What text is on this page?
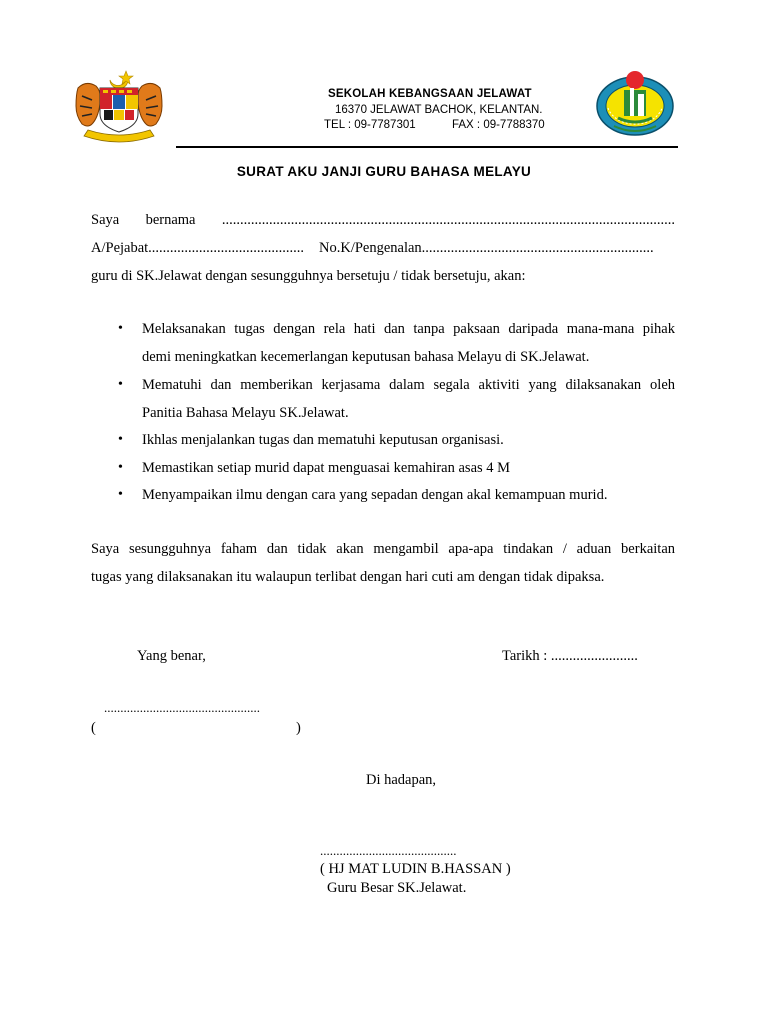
SEKOLAH KEBANGSAAN JELAWAT
16370 JELAWAT BACHOK, KELANTAN.
TEL : 09-7787301	FAX : 09-7788370
SURAT AKU JANJI GURU BAHASA MELAYU
Saya bernama .............................................................................................................................
A/Pejabat........................................... No.K/Pengenalan................................................................
guru di SK.Jelawat dengan sesungguhnya bersetuju / tidak bersetuju, akan:
• Melaksanakan tugas dengan rela hati dan tanpa paksaan daripada mana-mana pihak
demi meningkatkan kecemerlangan keputusan bahasa Melayu di SK.Jelawat.
• Mematuhi dan memberikan kerjasama dalam segala aktiviti yang dilaksanakan oleh
Panitia Bahasa Melayu SK.Jelawat.
• Ikhlas menjalankan tugas dan mematuhi keputusan organisasi.
• Memastikan setiap murid dapat menguasai kemahiran asas 4 M
• Menyampaikan ilmu dengan cara yang sepadan dengan akal kemampuan murid.
Saya sesungguhnya faham dan tidak akan mengambil apa-apa tindakan / aduan berkaitan
tugas yang dilaksanakan itu walaupun terlibat dengan hari cuti am dengan tidak dipaksa.
Yang benar,	Tarikh : ........................
................................................
(	)
Di hadapan,
..........................................
( HJ MAT LUDIN B.HASSAN )
Guru Besar SK.Jelawat.
